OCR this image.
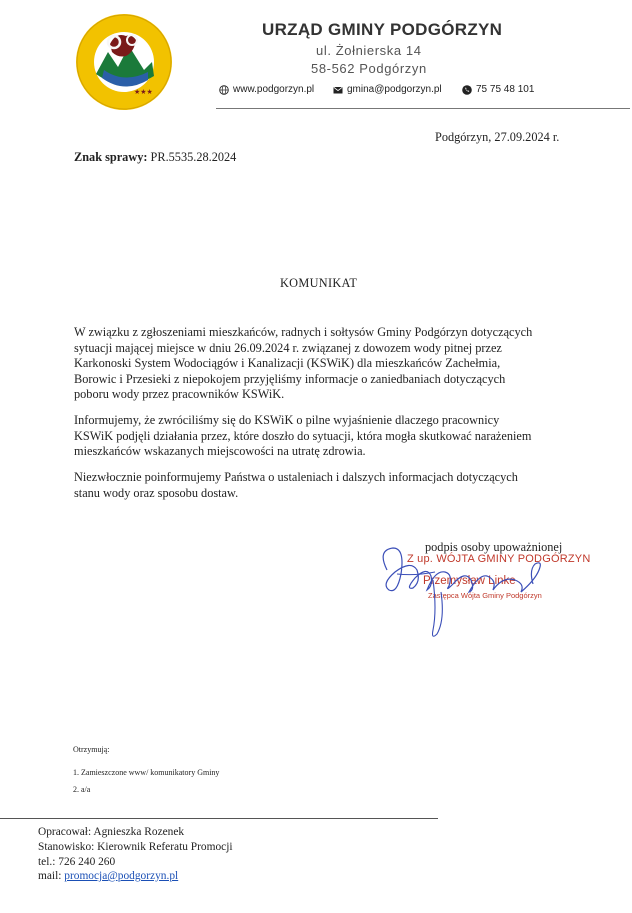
★★★
URZĄD GMINY PODGÓRZYN
ul. Żołnierska 14
58-562 Podgórzyn
www.podgorzyn.pl	gmina@podgorzyn.pl	75 75 48 101
Podgórzyn, 27.09.2024 r.
Znak sprawy: PR.5535.28.2024
KOMUNIKAT
W związku z zgłoszeniami mieszkańców, radnych i sołtysów Gminy Podgórzyn dotyczących
sytuacji mającej miejsce w dniu 26.09.2024 r. związanej z dowozem wody pitnej przez
Karkonoski System Wodociągów i Kanalizacji (KSWiK) dla mieszkańców Zachełmia,
Borowic i Przesieki z niepokojem przyjęliśmy informacje o zaniedbaniach dotyczących
poboru wody przez pracowników KSWiK.
Informujemy, że zwróciliśmy się do KSWiK o pilne wyjaśnienie dlaczego pracownicy
KSWiK podjęli działania przez, które doszło do sytuacji, która mogła skutkować narażeniem
mieszkańców wskazanych miejscowości na utratę zdrowia.
Niezwłocznie poinformujemy Państwa o ustaleniach i dalszych informacjach dotyczących
stanu wody oraz sposobu dostaw.
Z up. WÓJTA GMINY PODGÓRZYN
Przemysław Linke
Zastępca Wójta Gminy Podgórzyn
podpis osoby upoważnionej
Otrzymują:
1. Zamieszczone www/ komunikatory Gminy
2. a/a
Opracował: Agnieszka Rozenek
Stanowisko: Kierownik Referatu Promocji
tel.: 726 240 260
mail: promocja@podgorzyn.pl
